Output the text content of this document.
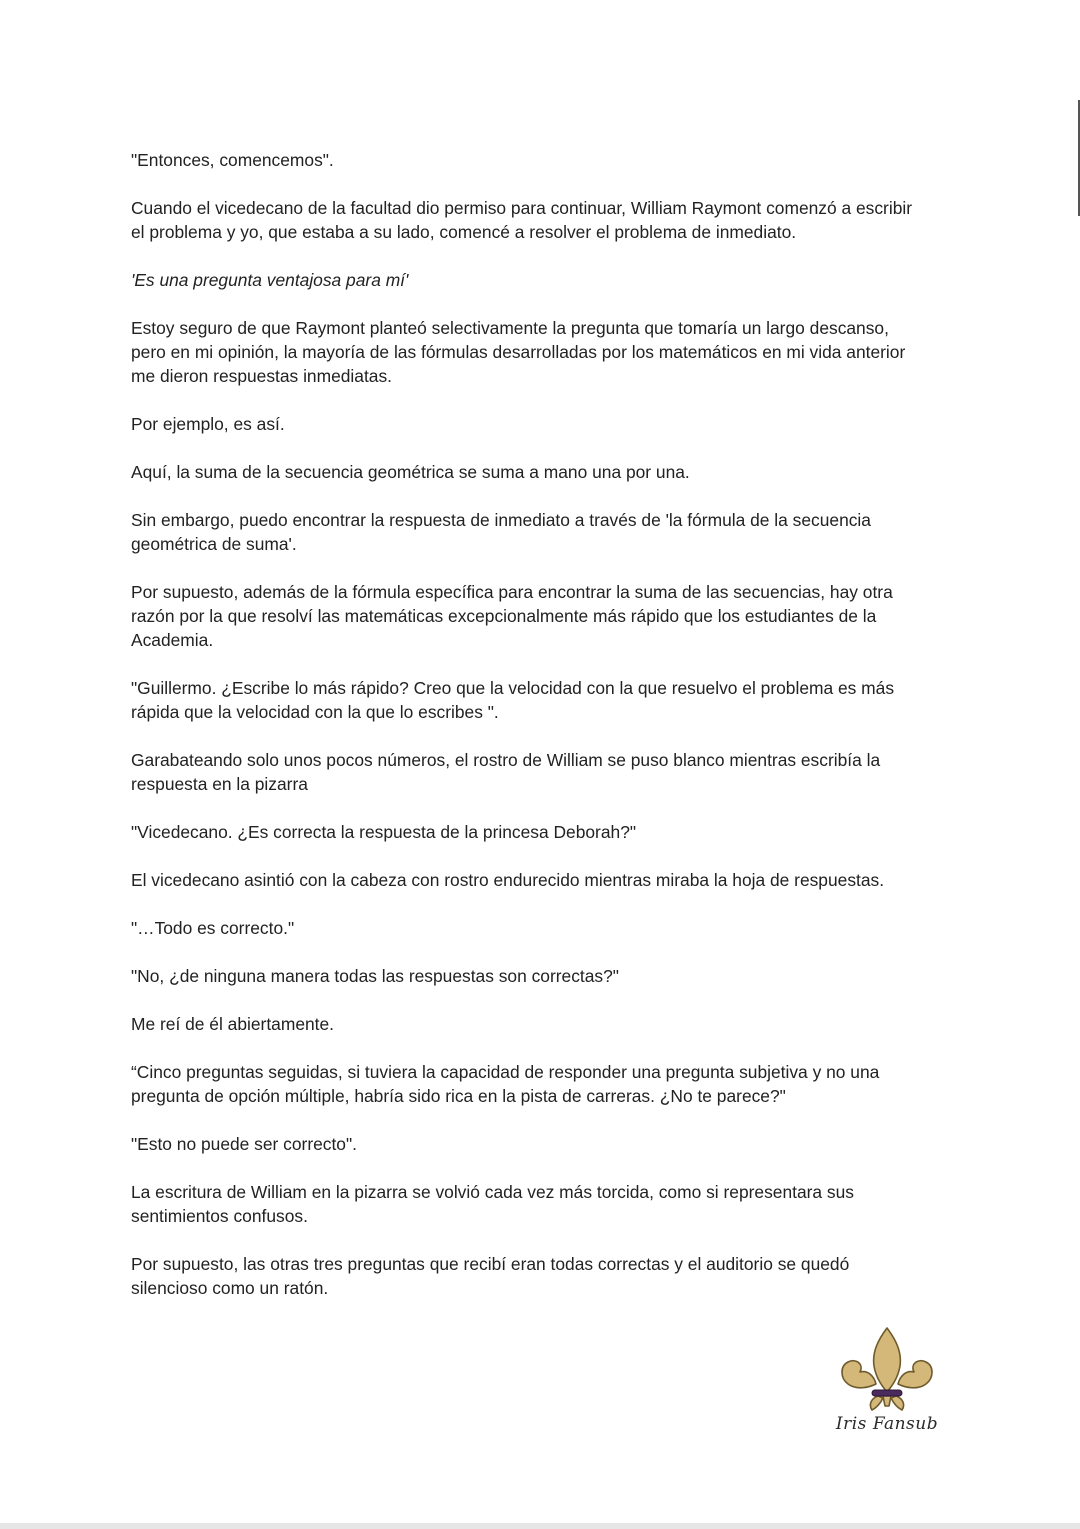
"Entonces, comencemos".

Cuando el vicedecano de la facultad dio permiso para continuar, William Raymont comenzó a escribir
el problema y yo, que estaba a su lado, comencé a resolver el problema de inmediato.

'Es una pregunta ventajosa para mí'

Estoy seguro de que Raymont planteó selectivamente la pregunta que tomaría un largo descanso,
pero en mi opinión, la mayoría de las fórmulas desarrolladas por los matemáticos en mi vida anterior
me dieron respuestas inmediatas.

Por ejemplo, es así.

Aquí, la suma de la secuencia geométrica se suma a mano una por una.

Sin embargo, puedo encontrar la respuesta de inmediato a través de 'la fórmula de la secuencia
geométrica de suma'.

Por supuesto, además de la fórmula específica para encontrar la suma de las secuencias, hay otra
razón por la que resolví las matemáticas excepcionalmente más rápido que los estudiantes de la
Academia.

"Guillermo. ¿Escribe lo más rápido? Creo que la velocidad con la que resuelvo el problema es más
rápida que la velocidad con la que lo escribes ".

Garabateando solo unos pocos números, el rostro de William se puso blanco mientras escribía la
respuesta en la pizarra

"Vicedecano. ¿Es correcta la respuesta de la princesa Deborah?"

El vicedecano asintió con la cabeza con rostro endurecido mientras miraba la hoja de respuestas.

"…Todo es correcto."

"No, ¿de ninguna manera todas las respuestas son correctas?"

Me reí de él abiertamente.

“Cinco preguntas seguidas, si tuviera la capacidad de responder una pregunta subjetiva y no una
pregunta de opción múltiple, habría sido rica en la pista de carreras. ¿No te parece?"

"Esto no puede ser correcto".

La escritura de William en la pizarra se volvió cada vez más torcida, como si representara sus
sentimientos confusos.

Por supuesto, las otras tres preguntas que recibí eran todas correctas y el auditorio se quedó
silencioso como un ratón.

Iris Fansub
